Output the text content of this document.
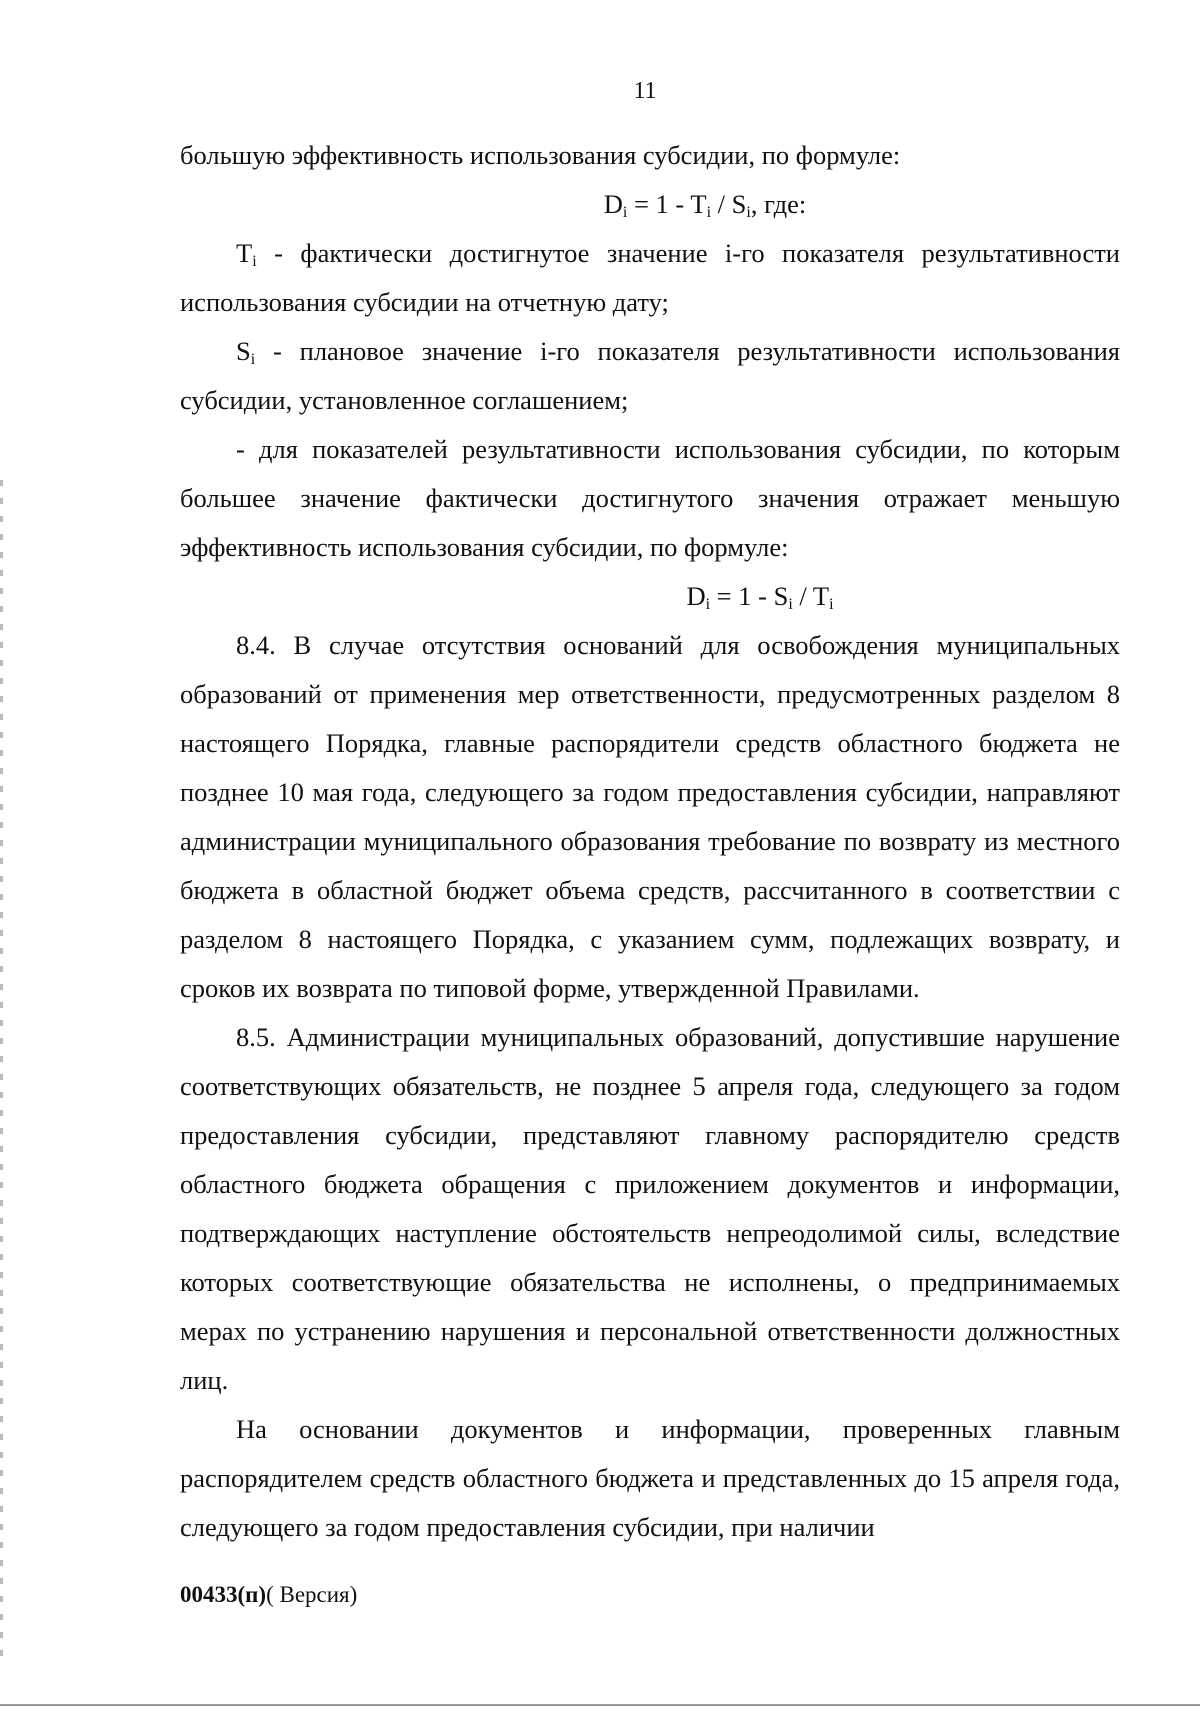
11

большую эффективность использования субсидии, по формуле:

$D_i = 1 - T_i / S_i$, где:

$T_i$ - фактически достигнутое значение i-го показателя результативности использования субсидии на отчетную дату;

$S_i$ - плановое значение i-го показателя результативности использования субсидии, установленное соглашением;

- для показателей результативности использования субсидии, по которым большее значение фактически достигнутого значения отражает меньшую эффективность использования субсидии, по формуле:

$D_i = 1 - S_i / T_i$

8.4. В случае отсутствия оснований для освобождения муниципальных образований от применения мер ответственности, предусмотренных разделом 8 настоящего Порядка, главные распорядители средств областного бюджета не позднее 10 мая года, следующего за годом предоставления субсидии, направляют администрации муниципального образования требование по возврату из местного бюджета в областной бюджет объема средств, рассчитанного в соответствии с разделом 8 настоящего Порядка, с указанием сумм, подлежащих возврату, и сроков их возврата по типовой форме, утвержденной Правилами.

8.5. Администрации муниципальных образований, допустившие нарушение соответствующих обязательств, не позднее 5 апреля года, следующего за годом предоставления субсидии, представляют главному распорядителю средств областного бюджета обращения с приложением документов и информации, подтверждающих наступление обстоятельств непреодолимой силы, вследствие которых соответствующие обязательства не исполнены, о предпринимаемых мерах по устранению нарушения и персональной ответственности должностных лиц.

На основании документов и информации, проверенных главным распорядителем средств областного бюджета и представленных до 15 апреля года, следующего за годом предоставления субсидии, при наличии

00433(п)( Версия)
